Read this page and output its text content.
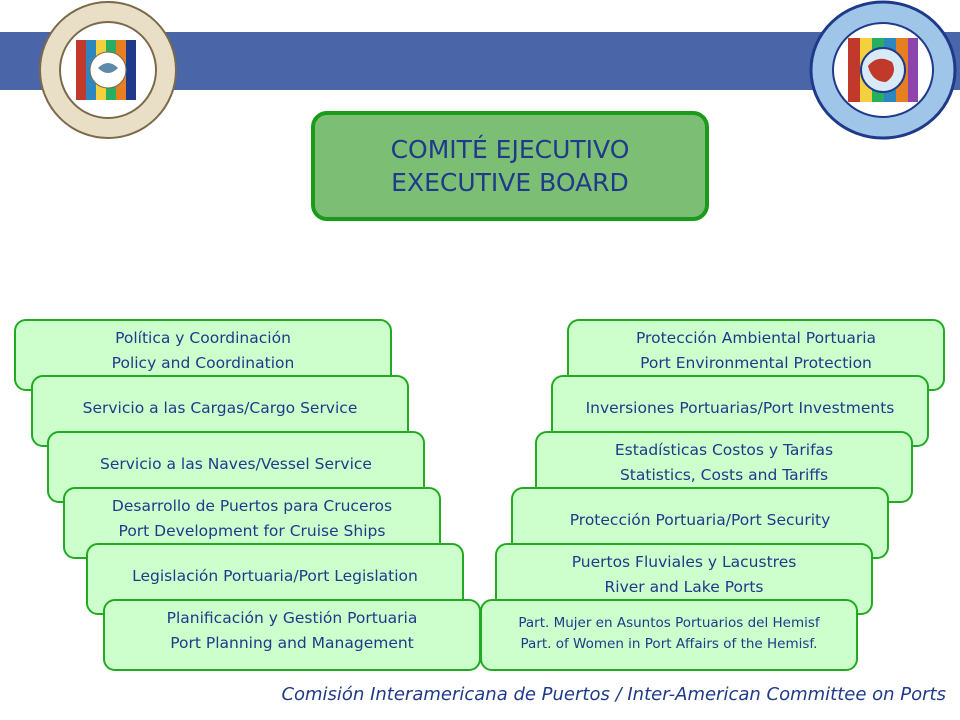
COMITÉ EJECUTIVO
EXECUTIVE BOARD
Política y Coordinación
Policy and Coordination
Servicio a las Cargas/Cargo Service
Servicio a las Naves/Vessel Service
Desarrollo de Puertos para Cruceros
Port Development for Cruise Ships
Legislación Portuaria/Port Legislation
Planificación y Gestión Portuaria
Port Planning and Management
Protección Ambiental Portuaria
Port Environmental Protection
Inversiones Portuarias/Port Investments
Estadísticas Costos y Tarifas
Statistics, Costs and Tariffs
Protección Portuaria/Port Security
Puertos Fluviales y Lacustres
River and Lake Ports
Part. Mujer en Asuntos Portuarios del Hemisf
Part. of Women in Port Affairs of the Hemisf.
Comisión Interamericana de Puertos / Inter-American Committee on Ports
